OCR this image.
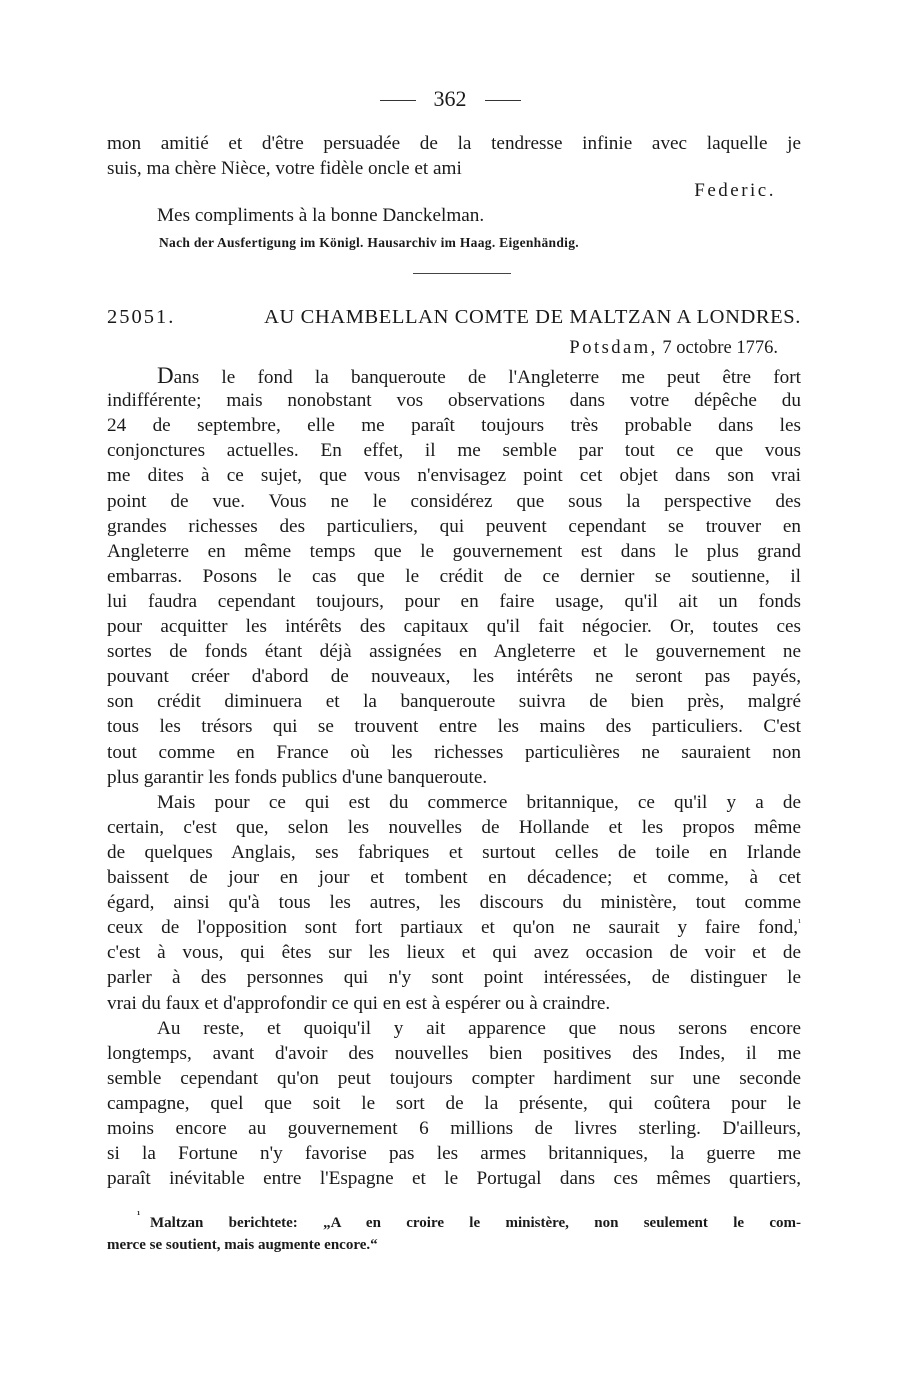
362
mon amitié et d'être persuadée de la tendresse infinie avec laquelle je
suis, ma chère Nièce, votre fidèle oncle et ami
Federic.
Mes compliments à la bonne Danckelman.
Nach der Ausfertigung im Königl. Hausarchiv im Haag. Eigenhändig.
25051.	AU CHAMBELLAN COMTE DE MALTZAN A LONDRES.
Potsdam, 7 octobre 1776.
Dans le fond la banqueroute de l'Angleterre me peut être fort
indifférente; mais nonobstant vos observations dans votre dépêche du
24 de septembre, elle me paraît toujours très probable dans les
conjonctures actuelles. En effet, il me semble par tout ce que vous
me dites à ce sujet, que vous n'envisagez point cet objet dans son vrai
point de vue. Vous ne le considérez que sous la perspective des
grandes richesses des particuliers, qui peuvent cependant se trouver en
Angleterre en même temps que le gouvernement est dans le plus grand
embarras. Posons le cas que le crédit de ce dernier se soutienne, il
lui faudra cependant toujours, pour en faire usage, qu'il ait un fonds
pour acquitter les intérêts des capitaux qu'il fait négocier. Or, toutes ces
sortes de fonds étant déjà assignées en Angleterre et le gouvernement ne
pouvant créer d'abord de nouveaux, les intérêts ne seront pas payés,
son crédit diminuera et la banqueroute suivra de bien près, malgré
tous les trésors qui se trouvent entre les mains des particuliers. C'est
tout comme en France où les richesses particulières ne sauraient non
plus garantir les fonds publics d'une banqueroute.
Mais pour ce qui est du commerce britannique, ce qu'il y a de
certain, c'est que, selon les nouvelles de Hollande et les propos même
de quelques Anglais, ses fabriques et surtout celles de toile en Irlande
baissent de jour en jour et tombent en décadence; et comme, à cet
égard, ainsi qu'à tous les autres, les discours du ministère, tout comme
ceux de l'opposition sont fort partiaux et qu'on ne saurait y faire fond,$^{^1}$
c'est à vous, qui êtes sur les lieux et qui avez occasion de voir et de
parler à des personnes qui n'y sont point intéressées, de distinguer le
vrai du faux et d'approfondir ce qui en est à espérer ou à craindre.
Au reste, et quoiqu'il y ait apparence que nous serons encore
longtemps, avant d'avoir des nouvelles bien positives des Indes, il me
semble cependant qu'on peut toujours compter hardiment sur une seconde
campagne, quel que soit le sort de la présente, qui coûtera pour le
moins encore au gouvernement 6 millions de livres sterling. D'ailleurs,
si la Fortune n'y favorise pas les armes britanniques, la guerre me
paraît inévitable entre l'Espagne et le Portugal dans ces mêmes quartiers,
Maltzan berichtete: „A en croire le ministère, non seulement le com-
merce se soutient, mais augmente encore.“
¹
